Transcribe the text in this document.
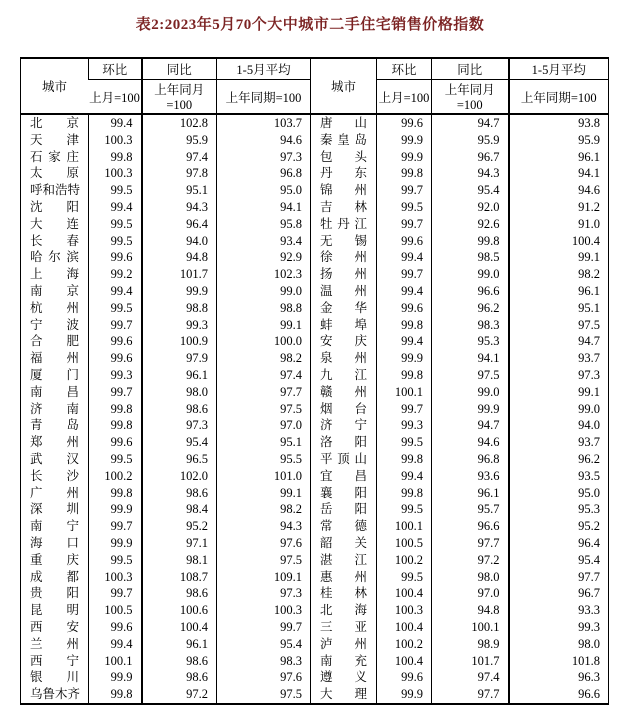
表2:2023年5月70个大中城市二手住宅销售价格指数
城市	环比	同比	1-5月平均	城市	环比	同比	1-5月平均
	上月=100	上年同月=100	上年同期=100		上月=100	上年同月=100	上年同期=100

北 京	99.4	102.8	103.7	唐 山	99.6	94.7	93.8

天 津	100.3	95.9	94.6	秦 皇 岛	99.9	95.9	95.9

石 家 庄	99.8	97.4	97.3	包 头	99.9	96.7	96.1

太 原	100.3	97.8	96.8	丹 东	99.8	94.3	94.1

呼 和 浩 特	99.5	95.1	95.0	锦 州	99.7	95.4	94.6

沈 阳	99.4	94.3	94.1	吉 林	99.5	92.0	91.2

大 连	99.5	96.4	95.8	牡 丹 江	99.7	92.6	91.0

长 春	99.5	94.0	93.4	无 锡	99.6	99.8	100.4

哈 尔 滨	99.6	94.8	92.9	徐 州	99.4	98.5	99.1

上 海	99.2	101.7	102.3	扬 州	99.7	99.0	98.2

南 京	99.4	99.9	99.0	温 州	99.4	96.6	96.1

杭 州	99.5	98.8	98.8	金 华	99.6	96.2	95.1

宁 波	99.7	99.3	99.1	蚌 埠	99.8	98.3	97.5

合 肥	99.6	100.9	100.0	安 庆	99.4	95.3	94.7

福 州	99.6	97.9	98.2	泉 州	99.9	94.1	93.7

厦 门	99.3	96.1	97.4	九 江	99.8	97.5	97.3

南 昌	99.7	98.0	97.7	赣 州	100.1	99.0	99.1

济 南	99.8	98.6	97.5	烟 台	99.7	99.9	99.0

青 岛	99.8	97.3	97.0	济 宁	99.3	94.7	94.0

郑 州	99.6	95.4	95.1	洛 阳	99.5	94.6	93.7

武 汉	99.5	96.5	95.5	平 顶 山	99.8	96.8	96.2

长 沙	100.2	102.0	101.0	宜 昌	99.4	93.6	93.5

广 州	99.8	98.6	99.1	襄 阳	99.8	96.1	95.0

深 圳	99.9	98.4	98.2	岳 阳	99.5	95.7	95.3

南 宁	99.7	95.2	94.3	常 德	100.1	96.6	95.2

海 口	99.9	97.1	97.6	韶 关	100.5	97.7	96.4

重 庆	99.5	98.1	97.5	湛 江	100.2	97.2	95.4

成 都	100.3	108.7	109.1	惠 州	99.5	98.0	97.7

贵 阳	99.7	98.6	97.3	桂 林	100.4	97.0	96.7

昆 明	100.5	100.6	100.3	北 海	100.3	94.8	93.3

西 安	99.6	100.4	99.7	三 亚	100.4	100.1	99.3

兰 州	99.4	96.1	95.4	泸 州	100.2	98.9	98.0

西 宁	100.1	98.6	98.3	南 充	100.4	101.7	101.8

银 川	99.9	98.6	97.6	遵 义	99.6	97.4	96.3

乌 鲁 木 齐	99.8	97.2	97.5	大 理	99.9	97.7	96.6
